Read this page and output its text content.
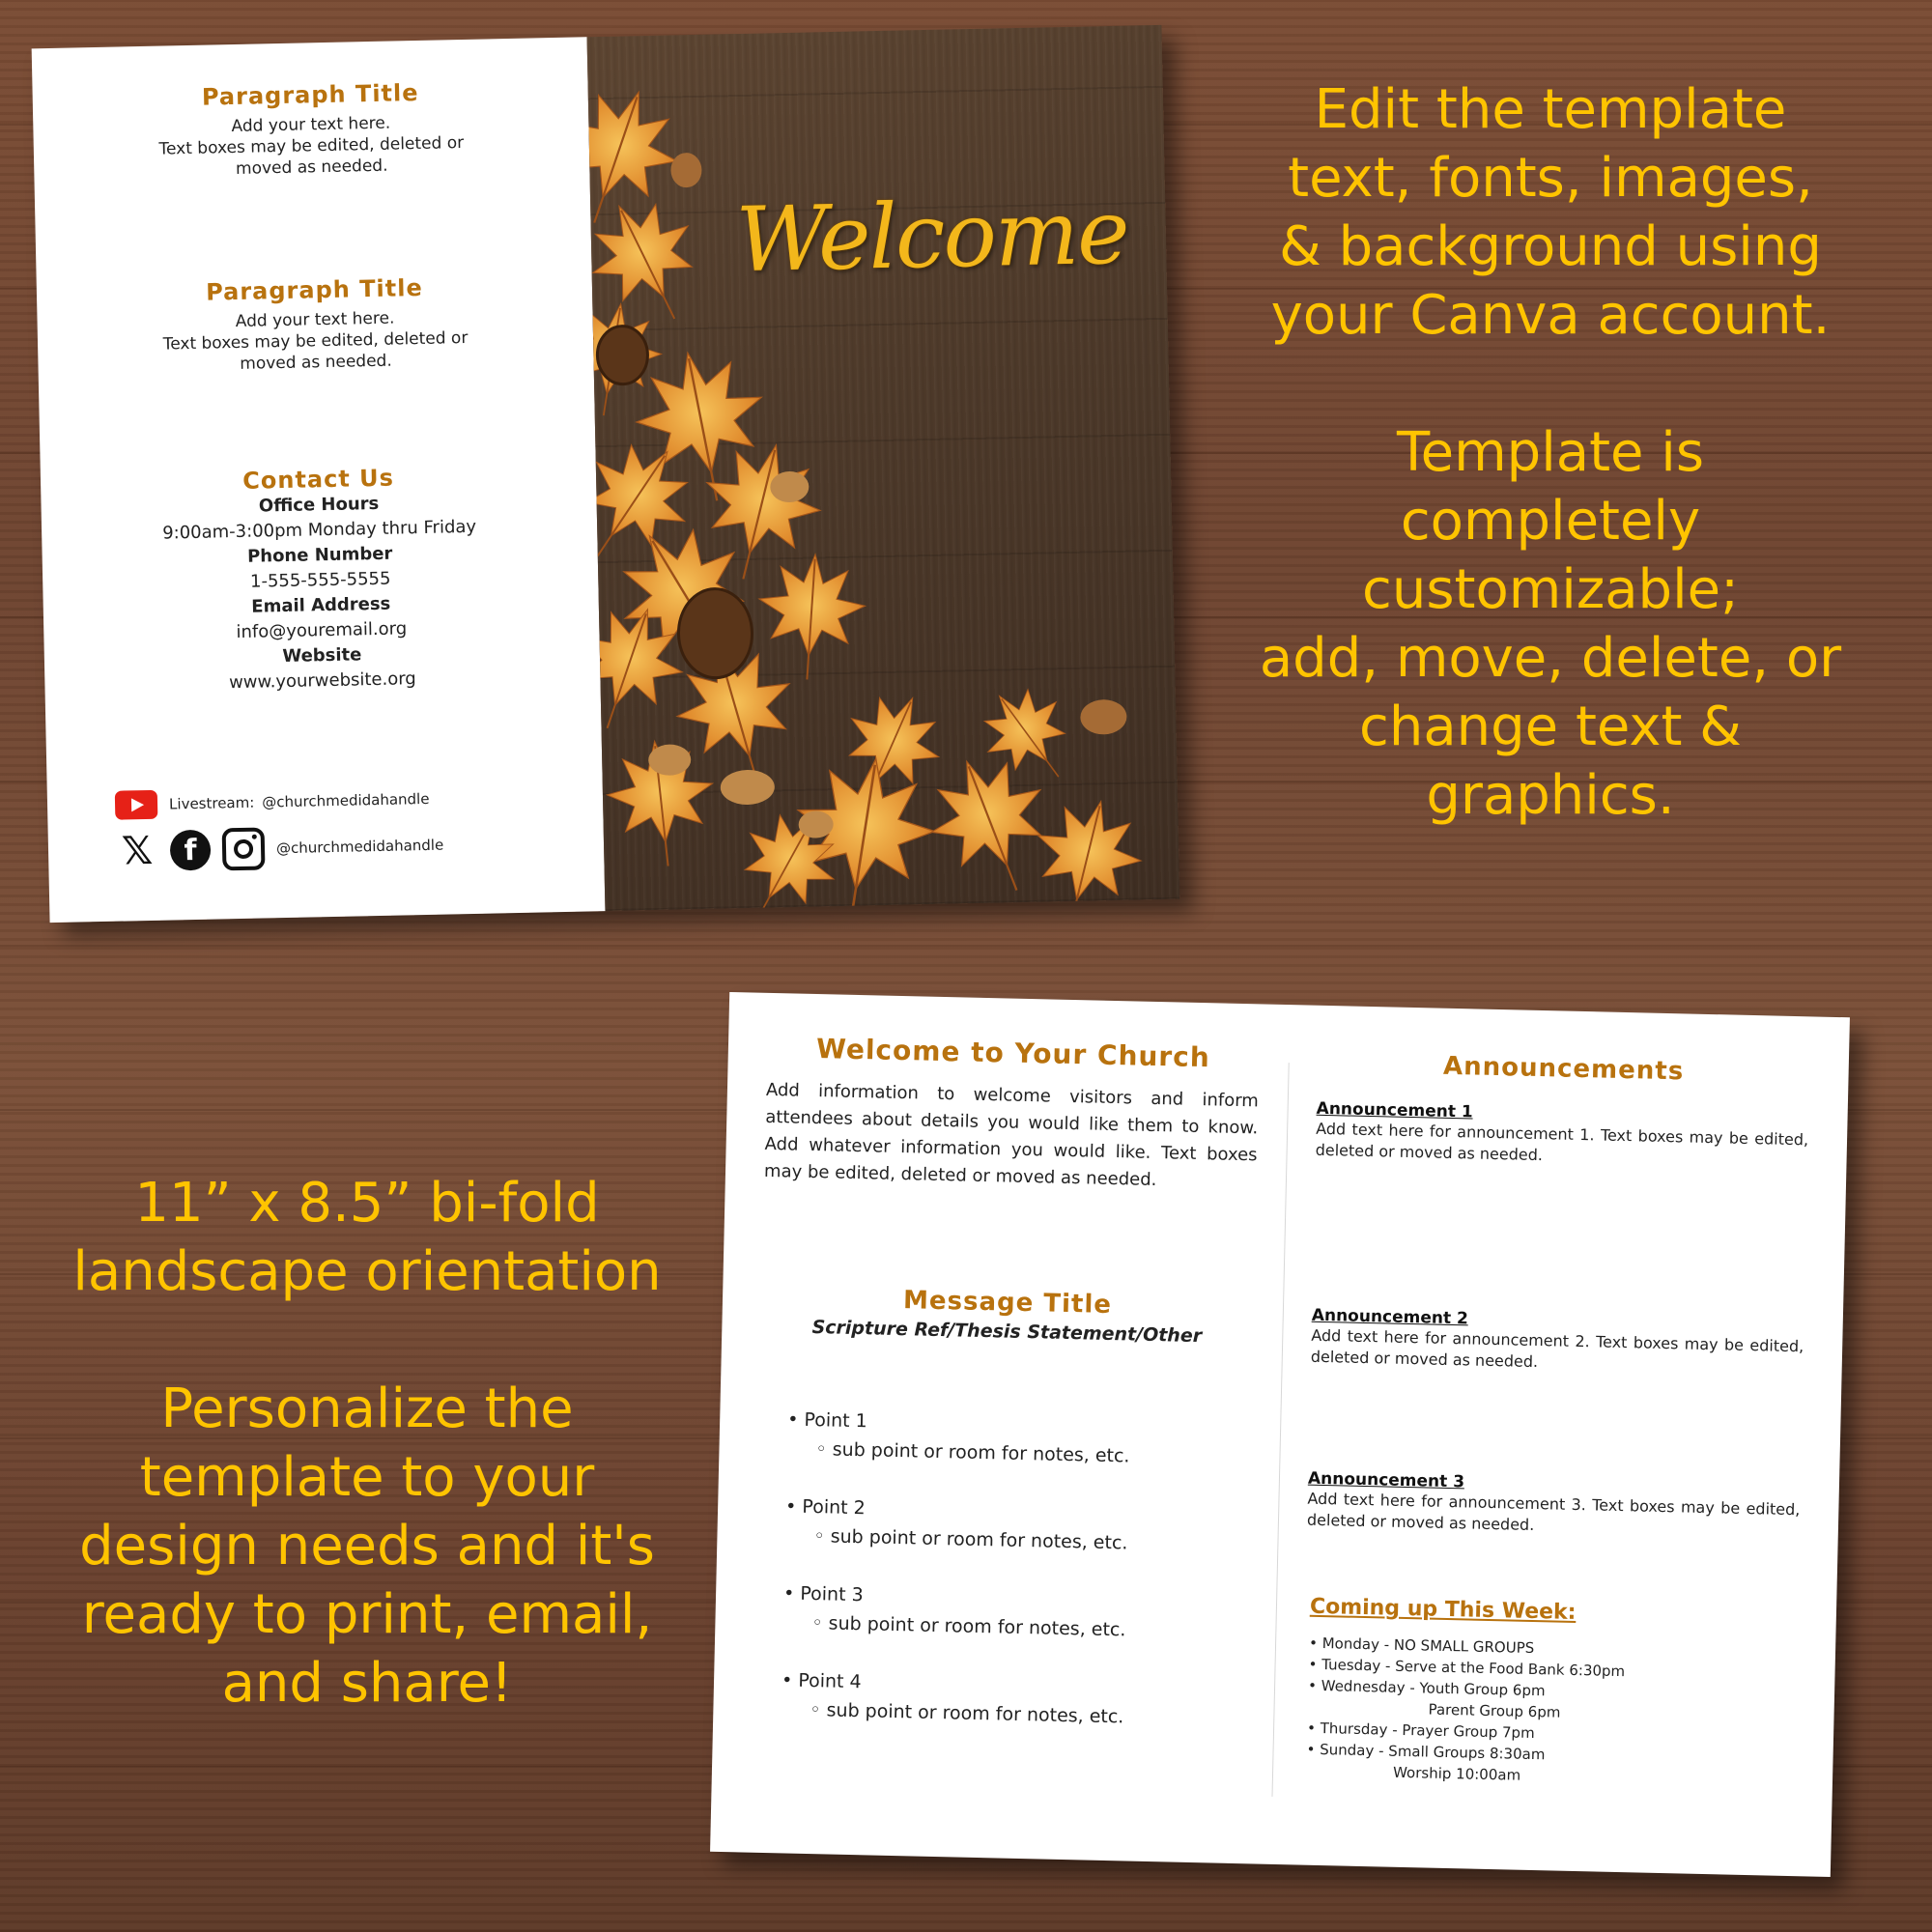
Edit the template

text, fonts, images,

& background using

your Canva account.

Template is

completely

customizable;

add, move, delete, or

change text &

graphics.

11” x 8.5” bi-fold

landscape orientation

Personalize the

template to your

design needs and it's

ready to print, email,

and share!

Paragraph Title
Add your text here.
Text boxes may be edited, deleted or
moved as needed.
Paragraph Title
Add your text here.
Text boxes may be edited, deleted or
moved as needed.
Contact Us
Office Hours
9:00am-3:00pm Monday thru Friday
Phone Number
1-555-555-5555
Email Address
info@youremail.org
Website
www.yourwebsite.org
Livestream: @churchmedidahandle
𝕏	f	@churchmedidahandle
Welcome
Welcome to Your Church
Add information to welcome visitors and inform attendees about details you would like them to know. Add whatever information you would like. Text boxes may be edited, deleted or moved as needed.
Message Title
Scripture Ref/Thesis Statement/Other
• Point 1
◦ sub point or room for notes, etc.
• Point 2
◦ sub point or room for notes, etc.
• Point 3
◦ sub point or room for notes, etc.
• Point 4
◦ sub point or room for notes, etc.
Announcements
Announcement 1
Add text here for announcement 1. Text boxes may be edited, deleted or moved as needed.
Announcement 2
Add text here for announcement 2. Text boxes may be edited, deleted or moved as needed.
Announcement 3
Add text here for announcement 3. Text boxes may be edited, deleted or moved as needed.
Coming up This Week:
• Monday - NO SMALL GROUPS
• Tuesday - Serve at the Food Bank 6:30pm
• Wednesday - Youth Group 6pm
Parent Group 6pm
• Thursday - Prayer Group 7pm
• Sunday - Small Groups 8:30am
Worship 10:00am
